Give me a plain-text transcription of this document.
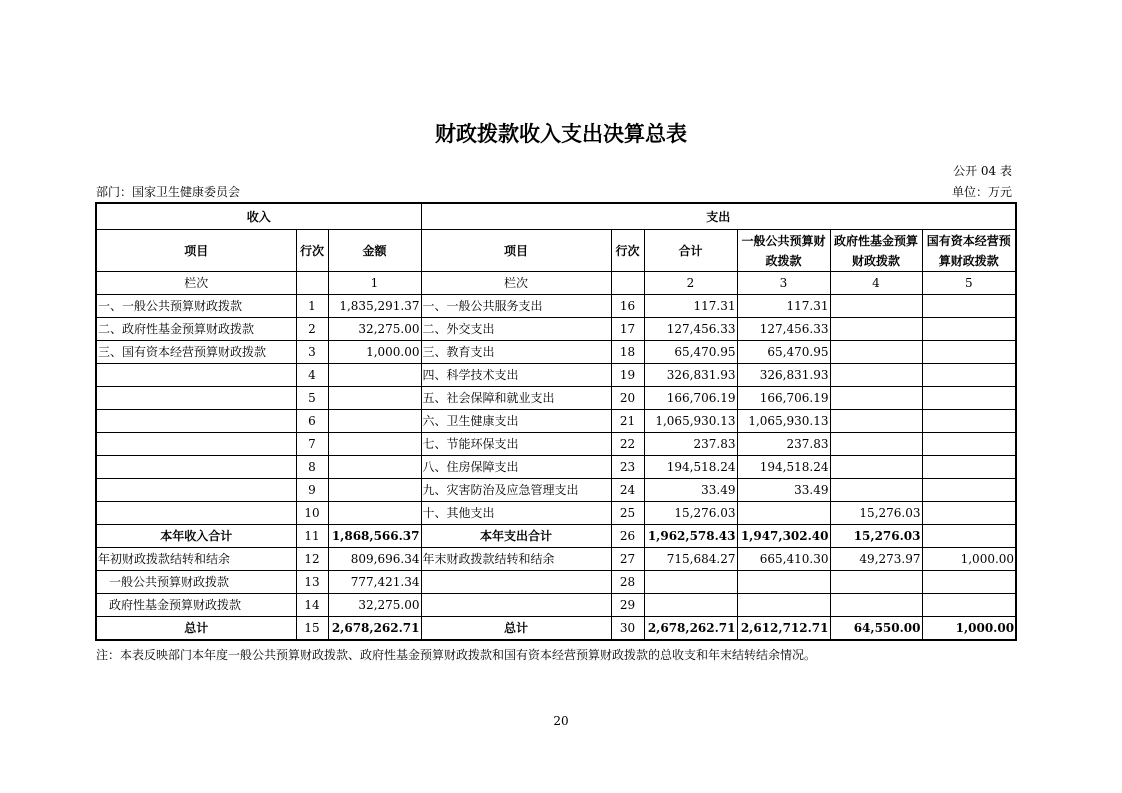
财政拨款收入支出决算总表
公开 04 表
部门：国家卫生健康委员会	单位：万元
收入			支出					
项目	行次	金额	项目	行次	合计	一般公共预算财政拨款	政府性基金预算财政拨款	国有资本经营预算财政拨款
栏次		1	栏次		2	3	4	5
一、一般公共预算财政拨款	1	1,835,291.37	一、一般公共服务支出	16	117.31	117.31		
二、政府性基金预算财政拨款	2	32,275.00	二、外交支出	17	127,456.33	127,456.33		
三、国有资本经营预算财政拨款	3	1,000.00	三、教育支出	18	65,470.95	65,470.95		
	4		四、科学技术支出	19	326,831.93	326,831.93		
	5		五、社会保障和就业支出	20	166,706.19	166,706.19		
	6		六、卫生健康支出	21	1,065,930.13	1,065,930.13		
	7		七、节能环保支出	22	237.83	237.83		
	8		八、住房保障支出	23	194,518.24	194,518.24		
	9		九、灾害防治及应急管理支出	24	33.49	33.49		
	10		十、其他支出	25	15,276.03		15,276.03	
本年收入合计	11	1,868,566.37	本年支出合计	26	1,962,578.43	1,947,302.40	15,276.03	
年初财政拨款结转和结余	12	809,696.34	年末财政拨款结转和结余	27	715,684.27	665,410.30	49,273.97	1,000.00
一般公共预算财政拨款	13	777,421.34		28				
政府性基金预算财政拨款	14	32,275.00		29				
总计	15	2,678,262.71	总计	30	2,678,262.71	2,612,712.71	64,550.00	1,000.00
注：本表反映部门本年度一般公共预算财政拨款、政府性基金预算财政拨款和国有资本经营预算财政拨款的总收支和年末结转结余情况。
20
